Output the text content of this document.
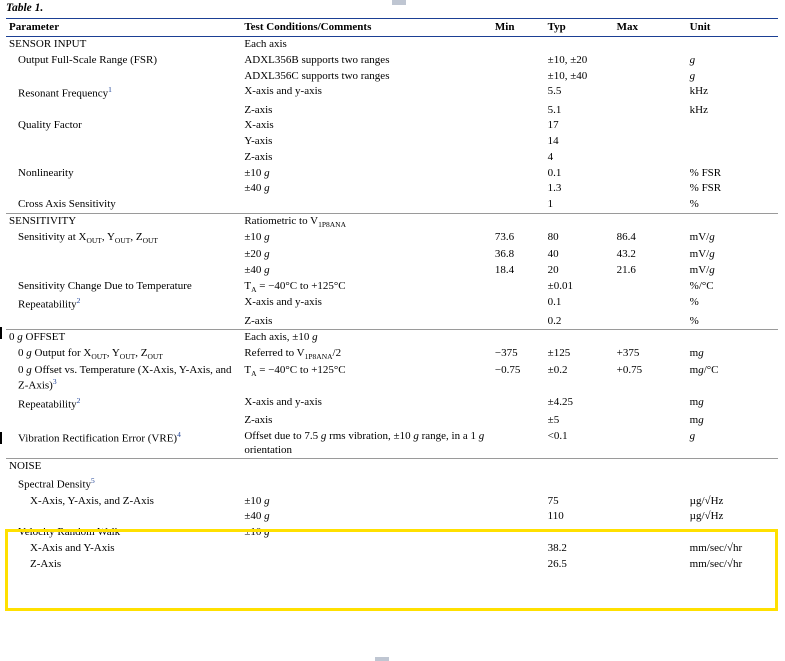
Table 1.
Parameter	Test Conditions/Comments	Min	Typ	Max	Unit
SENSOR INPUT	Each axis				
Output Full-Scale Range (FSR)	ADXL356B supports two ranges		±10, ±20		g
	ADXL356C supports two ranges		±10, ±40		g
Resonant Frequency$^1$	X-axis and y-axis		5.5		kHz
	Z-axis		5.1		kHz
Quality Factor	X-axis		17		
	Y-axis		14		
	Z-axis		4		
Nonlinearity	±10 g		0.1		% FSR
	±40 g		1.3		% FSR
Cross Axis Sensitivity			1		%
SENSITIVITY	Ratiometric to $V_{1P8ANA}$				
Sensitivity at $X_{OUT}$, $Y_{OUT}$, $Z_{OUT}$	±10 g	73.6	80	86.4	mV/g
	±20 g	36.8	40	43.2	mV/g
	±40 g	18.4	20	21.6	mV/g
Sensitivity Change Due to Temperature	$T_A = -40^\circ C$ to +125°C		±0.01		%/°C
Repeatability$^2$	X-axis and y-axis		0.1		%
	Z-axis		0.2		%
0 g OFFSET	Each axis, ±10 g				
0 g Output for $X_{OUT}$, $Y_{OUT}$, $Z_{OUT}$	Referred to $V_{1P8ANA}/2$	−375	±125	+375	mg
0 g Offset vs. Temperature (X-Axis, Y-Axis, and Z-Axis)$^3$	$T_A = -40^\circ C$ to +125°C	−0.75	±0.2	+0.75	mg/°C
Repeatability$^2$	X-axis and y-axis		±4.25		mg
	Z-axis		±5		mg
Vibration Rectification Error (VRE)$^4$	Offset due to 7.5 g rms vibration, ±10 g range, in a 1 g orientation		<0.1		g
NOISE					
Spectral Density$^5$					
X-Axis, Y-Axis, and Z-Axis	±10 g		75		µg/√Hz
	±40 g		110		µg/√Hz
Velocity Random Walk	±10 g				
X-Axis and Y-Axis			38.2		mm/sec/√hr
Z-Axis			26.5		mm/sec/√hr
